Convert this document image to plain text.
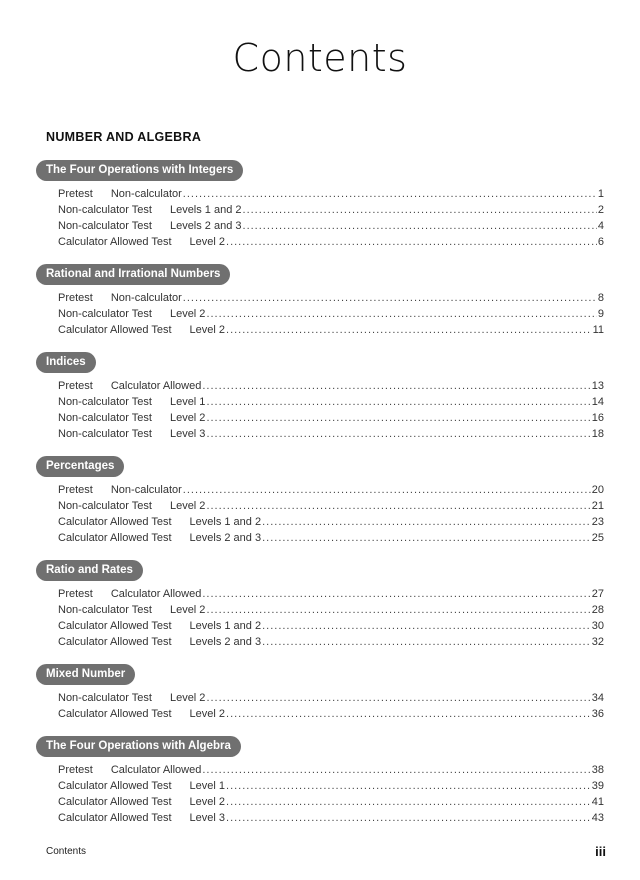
Contents
NUMBER AND ALGEBRA
The Four Operations with Integers
Pretest Non-calculator .....	1
Non-calculator Test Levels 1 and 2 .....	2
Non-calculator Test Levels 2 and 3 .....	4
Calculator Allowed Test Level 2 .....	6
Rational and Irrational Numbers
Pretest Non-calculator .....	8
Non-calculator Test Level 2 .....	9
Calculator Allowed Test Level 2 .....	11
Indices
Pretest Calculator Allowed .....	13
Non-calculator Test Level 1 .....	14
Non-calculator Test Level 2 .....	16
Non-calculator Test Level 3 .....	18
Percentages
Pretest Non-calculator .....	20
Non-calculator Test Level 2 .....	21
Calculator Allowed Test Levels 1 and 2 .....	23
Calculator Allowed Test Levels 2 and 3 .....	25
Ratio and Rates
Pretest Calculator Allowed .....	27
Non-calculator Test Level 2 .....	28
Calculator Allowed Test Levels 1 and 2 .....	30
Calculator Allowed Test Levels 2 and 3 .....	32
Mixed Number
Non-calculator Test Level 2 .....	34
Calculator Allowed Test Level 2 .....	36
The Four Operations with Algebra
Pretest Calculator Allowed .....	38
Calculator Allowed Test Level 1 .....	39
Calculator Allowed Test Level 2 .....	41
Calculator Allowed Test Level 3 .....	43
Contents	iii
